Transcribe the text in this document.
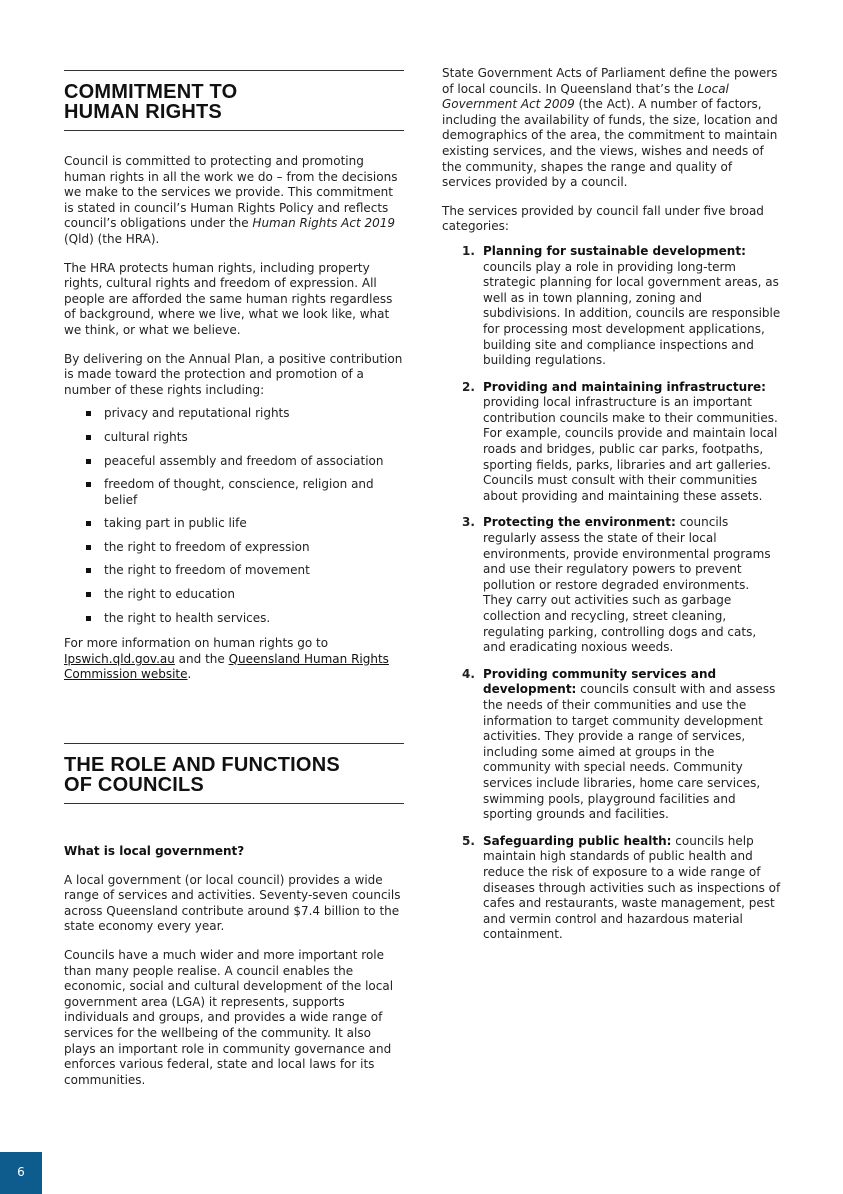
COMMITMENT TO
HUMAN RIGHTS

Council is committed to protecting and promoting human rights in all the work we do – from the decisions we make to the services we provide. This commitment is stated in council’s Human Rights Policy and reflects council’s obligations under the Human Rights Act 2019 (Qld) (the HRA).

The HRA protects human rights, including property rights, cultural rights and freedom of expression. All people are afforded the same human rights regardless of background, where we live, what we look like, what we think, or what we believe.

By delivering on the Annual Plan, a positive contribution is made toward the protection and promotion of a number of these rights including:

privacy and reputational rights
cultural rights
peaceful assembly and freedom of association
freedom of thought, conscience, religion and belief
taking part in public life
the right to freedom of expression
the right to freedom of movement
the right to education
the right to health services.

For more information on human rights go to Ipswich.qld.gov.au and the Queensland Human Rights Commission website.

THE ROLE AND FUNCTIONS
OF COUNCILS

What is local government?

A local government (or local council) provides a wide range of services and activities. Seventy-seven councils across Queensland contribute around $7.4 billion to the state economy every year.

Councils have a much wider and more important role than many people realise. A council enables the economic, social and cultural development of the local government area (LGA) it represents, supports individuals and groups, and provides a wide range of services for the wellbeing of the community. It also plays an important role in community governance and enforces various federal, state and local laws for its communities.

State Government Acts of Parliament define the powers of local councils. In Queensland that’s the Local Government Act 2009 (the Act). A number of factors, including the availability of funds, the size, location and demographics of the area, the commitment to maintain existing services, and the views, wishes and needs of the community, shapes the range and quality of services provided by a council.

The services provided by council fall under five broad categories:

1. Planning for sustainable development: councils play a role in providing long-term strategic planning for local government areas, as well as in town planning, zoning and subdivisions. In addition, councils are responsible for processing most development applications, building site and compliance inspections and building regulations.
2. Providing and maintaining infrastructure: providing local infrastructure is an important contribution councils make to their communities. For example, councils provide and maintain local roads and bridges, public car parks, footpaths, sporting fields, parks, libraries and art galleries. Councils must consult with their communities about providing and maintaining these assets.
3. Protecting the environment: councils regularly assess the state of their local environments, provide environmental programs and use their regulatory powers to prevent pollution or restore degraded environments. They carry out activities such as garbage collection and recycling, street cleaning, regulating parking, controlling dogs and cats, and eradicating noxious weeds.
4. Providing community services and development: councils consult with and assess the needs of their communities and use the information to target community development activities. They provide a range of services, including some aimed at groups in the community with special needs. Community services include libraries, home care services, swimming pools, playground facilities and sporting grounds and facilities.
5. Safeguarding public health: councils help maintain high standards of public health and reduce the risk of exposure to a wide range of diseases through activities such as inspections of cafes and restaurants, waste management, pest and vermin control and hazardous material containment.
6
